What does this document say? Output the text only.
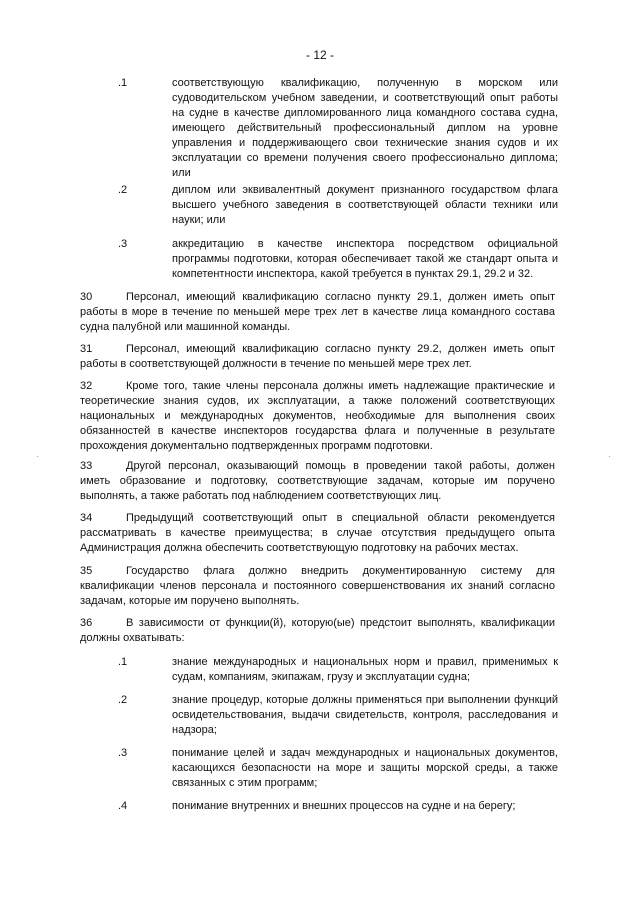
- 12 -
.1	соответствующую квалификацию, полученную в морском или судоводительском учебном заведении, и соответствующий опыт работы на судне в качестве дипломированного лица командного состава судна, имеющего действительный профессиональный диплом на уровне управления и поддерживающего свои технические знания судов и их эксплуатации со времени получения своего профессионально диплома; или
.2	диплом или эквивалентный документ признанного государством флага высшего учебного заведения в соответствующей области техники или науки; или
.3	аккредитацию в качестве инспектора посредством официальной программы подготовки, которая обеспечивает такой же стандарт опыта и компетентности инспектора, какой требуется в пунктах 29.1, 29.2 и 32.
30	Персонал, имеющий квалификацию согласно пункту 29.1, должен иметь опыт работы в море в течение по меньшей мере трех лет в качестве лица командного состава судна палубной или машинной команды.
31	Персонал, имеющий квалификацию согласно пункту 29.2, должен иметь опыт работы в соответствующей должности в течение по меньшей мере трех лет.
32	Кроме того, такие члены персонала должны иметь надлежащие практические и теоретические знания судов, их эксплуатации, а также положений соответствующих национальных и международных документов, необходимые для выполнения своих обязанностей в качестве инспекторов государства флага и полученные в результате прохождения документально подтвержденных программ подготовки.
33	Другой персонал, оказывающий помощь в проведении такой работы, должен иметь образование и подготовку, соответствующие задачам, которые им поручено выполнять, а также работать под наблюдением соответствующих лиц.
34	Предыдущий соответствующий опыт в специальной области рекомендуется рассматривать в качестве преимущества; в случае отсутствия предыдущего опыта Администрация должна обеспечить соответствующую подготовку на рабочих местах.
35	Государство флага должно внедрить документированную систему для квалификации членов персонала и постоянного совершенствования их знаний согласно задачам, которые им поручено выполнять.
36	В зависимости от функции(й), которую(ые) предстоит выполнять, квалификации должны охватывать:
.1	знание международных и национальных норм и правил, применимых к судам, компаниям, экипажам, грузу и эксплуатации судна;
.2	знание процедур, которые должны применяться при выполнении функций освидетельствования, выдачи свидетельств, контроля, расследования и надзора;
.3	понимание целей и задач международных и национальных документов, касающихся безопасности на море и защиты морской среды, а также связанных с этим программ;
.4	понимание внутренних и внешних процессов на судне и на берегу;
·	·
